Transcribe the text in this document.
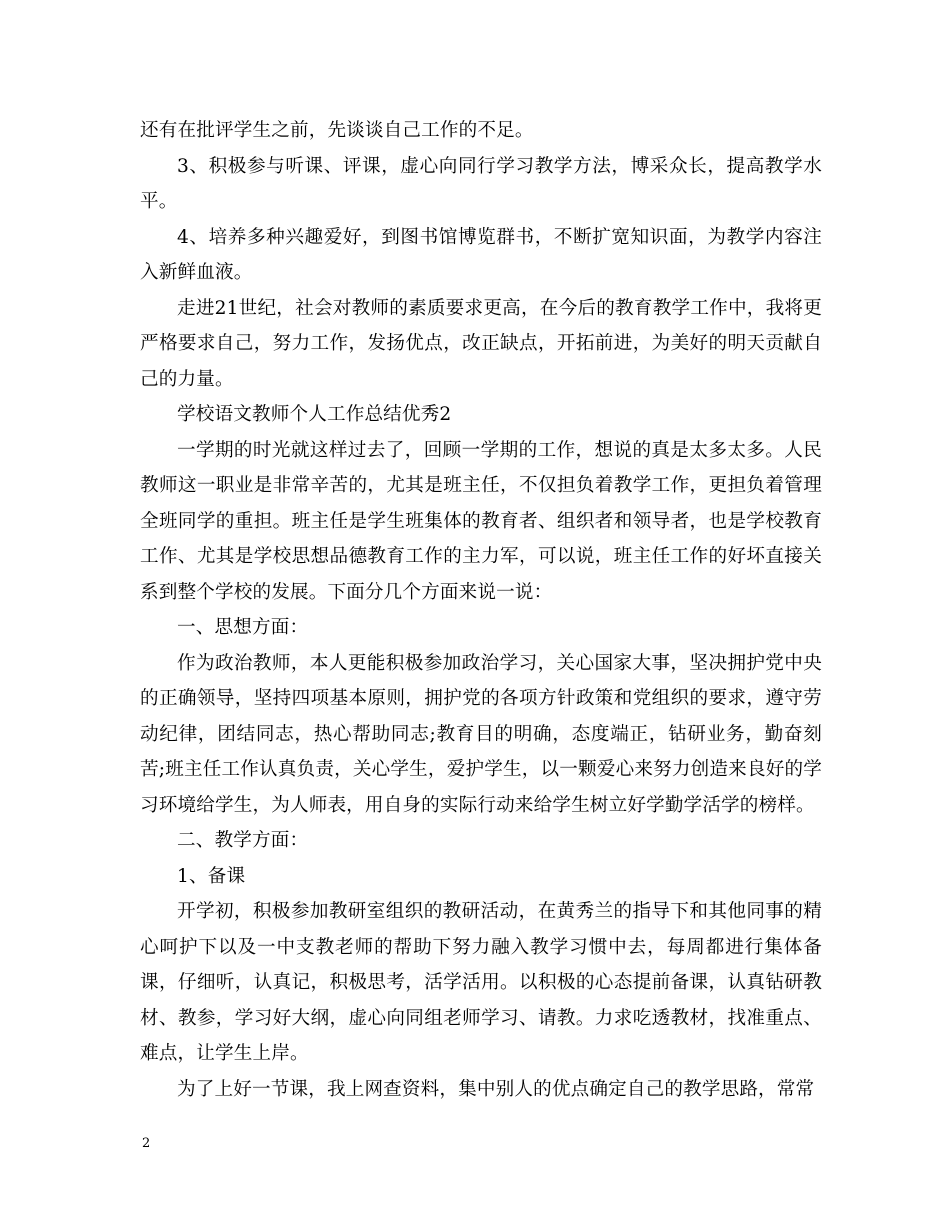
还有在批评学生之前，先谈谈自己工作的不足。

3、积极参与听课、评课，虚心向同行学习教学方法，博采众长，提高教学水平。

4、培养多种兴趣爱好，到图书馆博览群书，不断扩宽知识面，为教学内容注入新鲜血液。

走进21世纪，社会对教师的素质要求更高，在今后的教育教学工作中，我将更严格要求自己，努力工作，发扬优点，改正缺点，开拓前进，为美好的明天贡献自己的力量。

学校语文教师个人工作总结优秀2

一学期的时光就这样过去了，回顾一学期的工作，想说的真是太多太多。人民教师这一职业是非常辛苦的，尤其是班主任，不仅担负着教学工作，更担负着管理全班同学的重担。班主任是学生班集体的教育者、组织者和领导者，也是学校教育工作、尤其是学校思想品德教育工作的主力军，可以说，班主任工作的好坏直接关系到整个学校的发展。下面分几个方面来说一说：

一、思想方面：

作为政治教师，本人更能积极参加政治学习，关心国家大事，坚决拥护党中央的正确领导，坚持四项基本原则，拥护党的各项方针政策和党组织的要求，遵守劳动纪律，团结同志，热心帮助同志;教育目的明确，态度端正，钻研业务，勤奋刻苦;班主任工作认真负责，关心学生，爱护学生，以一颗爱心来努力创造来良好的学习环境给学生，为人师表，用自身的实际行动来给学生树立好学勤学活学的榜样。

二、教学方面：

1、备课

开学初，积极参加教研室组织的教研活动，在黄秀兰的指导下和其他同事的精心呵护下以及一中支教老师的帮助下努力融入教学习惯中去，每周都进行集体备课，仔细听，认真记，积极思考，活学活用。以积极的心态提前备课，认真钻研教材、教参，学习好大纲，虚心向同组老师学习、请教。力求吃透教材，找准重点、难点，让学生上岸。

为了上好一节课，我上网查资料，集中别人的优点确定自己的教学思路，常常

2
